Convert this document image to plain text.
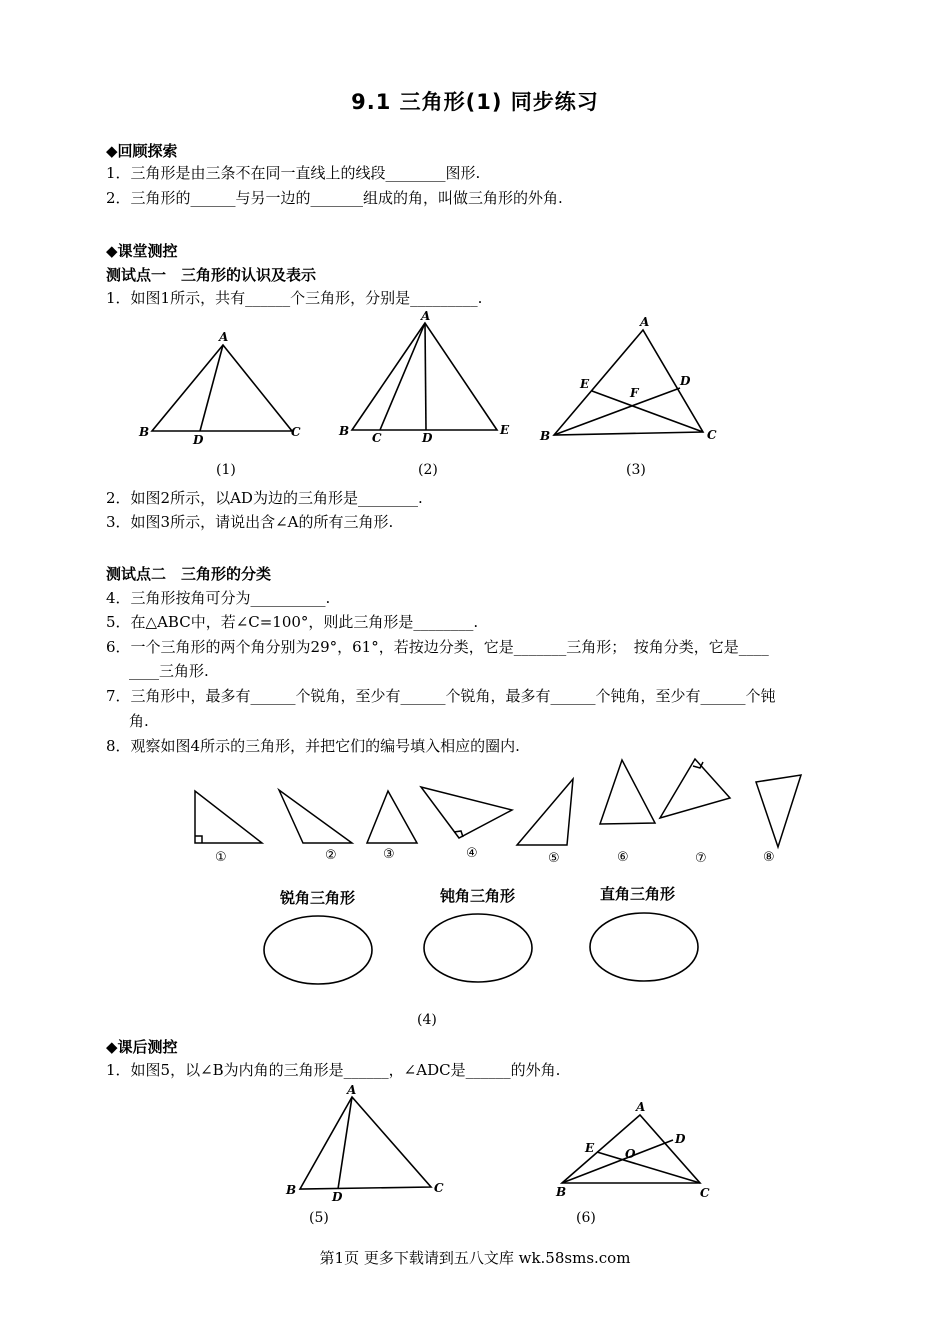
9.1 三角形(1) 同步练习
◆回顾探索
1．三角形是由三条不在同一直线上的线段________图形.
2．三角形的______与另一边的_______组成的角，叫做三角形的外角.
◆课堂测控
测试点一　三角形的认识及表示
1．如图1所示，共有______个三角形，分别是_________.
A
B
D
C
A
B C	D
E
A
E
F
D
B	C
(1)	(2)	(3)
2．如图2所示，以AD为边的三角形是________.
3．如图3所示，请说出含∠A的所有三角形.
测试点二　三角形的分类
4．三角形按角可分为__________.
5．在△ABC中，若∠C=100°，则此三角形是________.
6．一个三角形的两个角分别为29°，61°，若按边分类，它是_______三角形；　按角分类，它是____
____三角形.
7．三角形中，最多有______个锐角，至少有______个锐角，最多有______个钝角，至少有______个钝
角.
8．观察如图4所示的三角形，并把它们的编号填入相应的圈内.
①	②	③	④	⑤	⑥	⑦	⑧
锐角三角形	钝角三角形	直角三角形
(4)
◆课后测控
1．如图5，以∠B为内角的三角形是______，∠ADC是______的外角.
A
B	D
C
A
E	O
D
B	C
(5)	(6)
第1页 更多下载请到五八文库 wk.58sms.com
